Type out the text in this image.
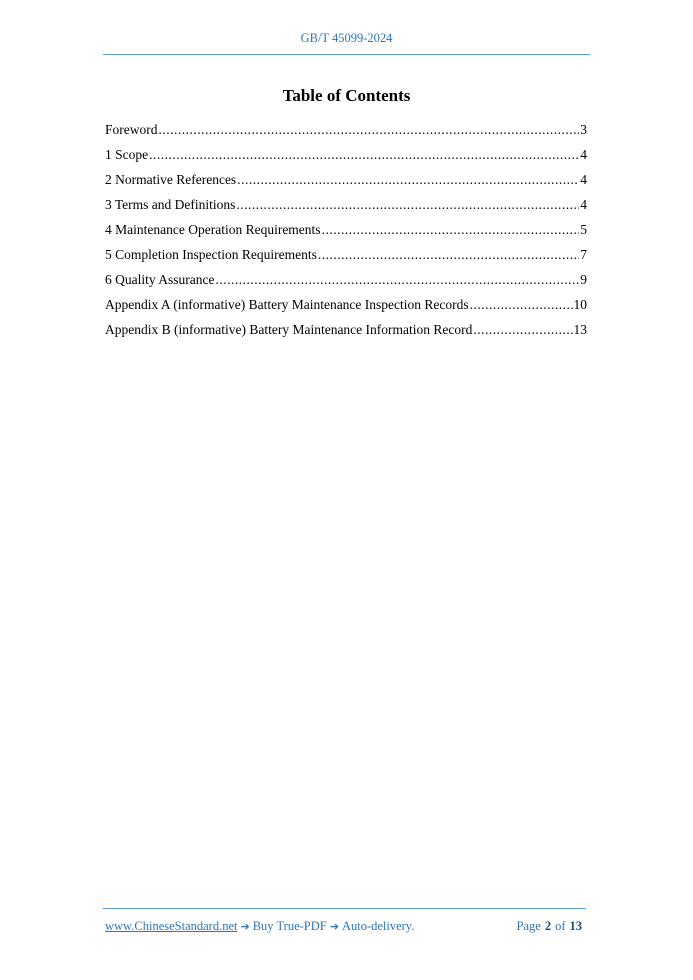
GB/T 45099-2024
Table of Contents
Foreword .....	3
1 Scope .....	4
2 Normative References .....	4
3 Terms and Definitions .....	4
4 Maintenance Operation Requirements .....	5
5 Completion Inspection Requirements .....	7
6 Quality Assurance .....	9
Appendix A (informative) Battery Maintenance Inspection Records .....	10
Appendix B (informative) Battery Maintenance Information Record .....	13
www.ChineseStandard.net ➔ Buy True-PDF ➔ Auto-delivery.	Page 2 of 13
